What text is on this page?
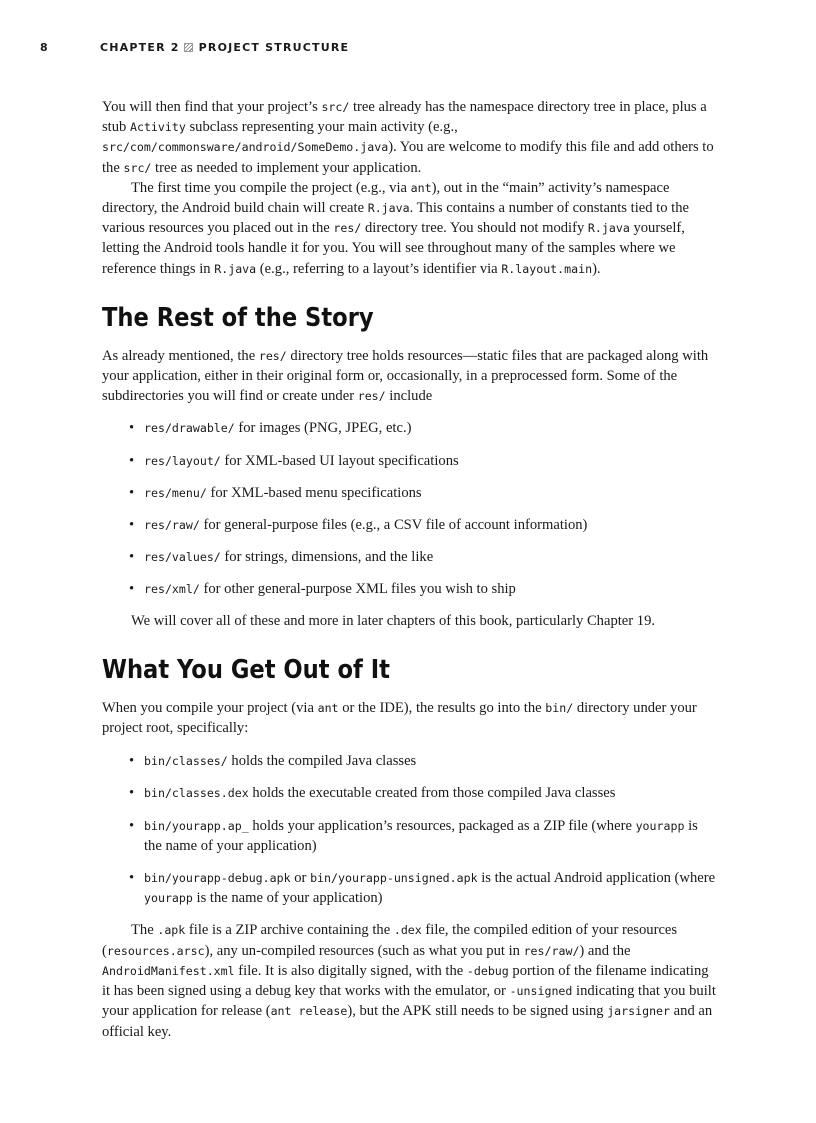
8	CHAPTER 2 PROJECT STRUCTURE

You will then find that your project’s src/ tree already has the namespace directory tree in place, plus a stub Activity subclass representing your main activity (e.g., src/com/commonsware/android/SomeDemo.java). You are welcome to modify this file and add others to the src/ tree as needed to implement your application.

The first time you compile the project (e.g., via ant), out in the “main” activity’s namespace directory, the Android build chain will create R.java. This contains a number of constants tied to the various resources you placed out in the res/ directory tree. You should not modify R.java yourself, letting the Android tools handle it for you. You will see throughout many of the samples where we reference things in R.java (e.g., referring to a layout’s identifier via R.layout.main).

The Rest of the Story

As already mentioned, the res/ directory tree holds resources—static files that are packaged along with your application, either in their original form or, occasionally, in a preprocessed form. Some of the subdirectories you will find or create under res/ include

• res/drawable/ for images (PNG, JPEG, etc.)
• res/layout/ for XML-based UI layout specifications
• res/menu/ for XML-based menu specifications
• res/raw/ for general-purpose files (e.g., a CSV file of account information)
• res/values/ for strings, dimensions, and the like
• res/xml/ for other general-purpose XML files you wish to ship

We will cover all of these and more in later chapters of this book, particularly Chapter 19.

What You Get Out of It

When you compile your project (via ant or the IDE), the results go into the bin/ directory under your project root, specifically:

• bin/classes/ holds the compiled Java classes
• bin/classes.dex holds the executable created from those compiled Java classes
• bin/yourapp.ap_ holds your application’s resources, packaged as a ZIP file (where yourapp is the name of your application)
• bin/yourapp-debug.apk or bin/yourapp-unsigned.apk is the actual Android application (where yourapp is the name of your application)

The .apk file is a ZIP archive containing the .dex file, the compiled edition of your resources (resources.arsc), any un-compiled resources (such as what you put in res/raw/) and the AndroidManifest.xml file. It is also digitally signed, with the -debug portion of the filename indicating it has been signed using a debug key that works with the emulator, or -unsigned indicating that you built your application for release (ant release), but the APK still needs to be signed using jarsigner and an official key.
